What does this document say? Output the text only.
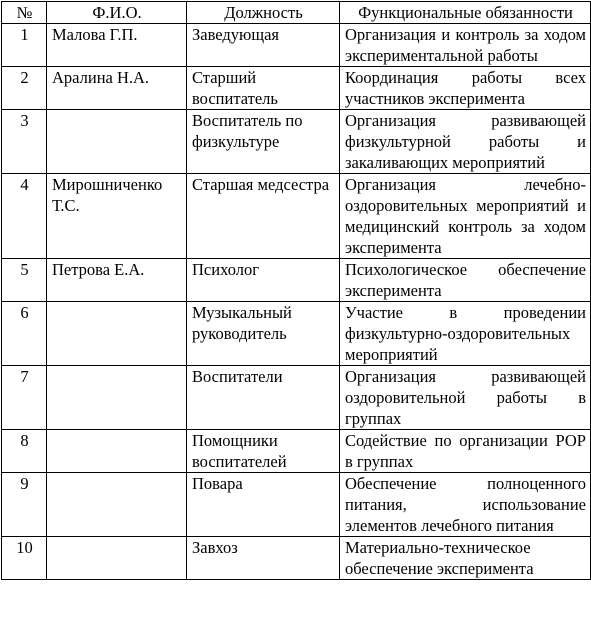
№	Ф.И.О.	Должность	Функциональные обязанности
1	Малова Г.П.	Заведующая	Организация и контроль за ходом экспериментальной работы
2	Аралина Н.А.	Старший воспитатель	Координация работы всех участников эксперимента
3		Воспитатель по физкультуре	Организация развивающей физкультурной работы и закаливающих мероприятий
4	Мирошниченко Т.С.	Старшая медсестра	Организация лечебно-оздоровительных мероприятий и медицинский контроль за ходом эксперимента
5	Петрова Е.А.	Психолог	Психологическое обеспечение эксперимента
6		Музыкальный руководитель	Участие в проведении физкультурно-оздоровительных мероприятий
7		Воспитатели	Организация развивающей оздоровительной работы в группах
8		Помощники воспитателей	Содействие по организации РОР в группах
9		Повара	Обеспечение полноценного питания, использование элементов лечебного питания
10		Завхоз	Материально-техническое обеспечение эксперимента
